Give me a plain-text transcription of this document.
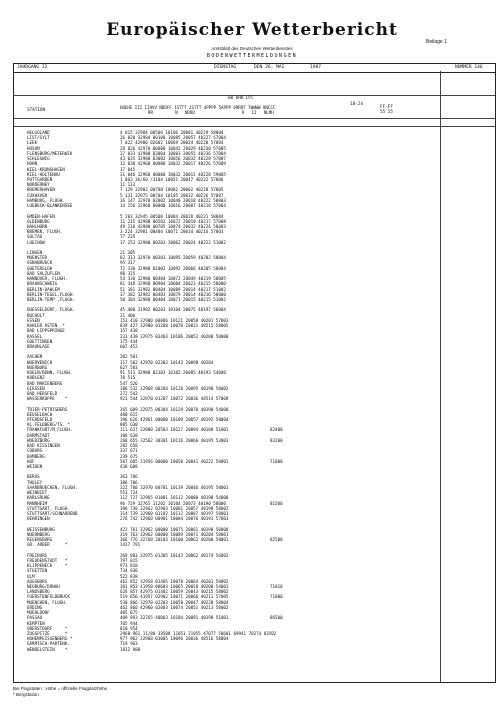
Europäischer Wetterbericht
Beilage 1
Amtsblatt des Deutschen Wetterdienstes
BODENWETTERMELDUNGEN
JAHRGANG 12	DIENSTAG	DEN 26. MAI	1987	NUMMER 146
00 UHR UTC
18-24
STATION
HOEHE III IIHVV NDDFF 1STTT 2STTT 4PPPP 5APPP 6RRRT 7WWWW 8NCCC
RR         N   NDDD                   R   12   NLMH
FF-FF
55 55
HELGOLAND	4 015 32984 00506 10106 20081 40229 58004
LIST/SYLT	26 020 32984 00108 10085 20057 40227 57004
LEEK	7 022 42980 02602 10069 20024 40228 57004
HUSUM	28 026 42970 00000 10042 20029 40230 57005
FLENSBURG/MEIERWIK	27 033 42980 03004 10083 20055 40236 57004
SCHLESWIG	43 035 32980 03002 10056 20032 40228 57007
HOHN	12 038 42960 00000 10032 20017 40226 57009
KIEL-KRONSHAGEN	17 045
KIEL-HOLTENAU	31 046 32960 00000 10032 20011 40228 59005
PUTTGARDEN	1 063 36/60 /3104 10051 20047 40222 57006
NORDERNEY	11 113
BREMERHAVEN	7 129 32982 00708 10082 20002 40220 57005
CUXHAVEN	5 131 32975 00704 10105 20032 40226 57007
HAMBURG, FLUGH.	16 147 32970 02002 10048 20018 40222 58003
LUEBECK-BLANKENSEE	14 156 32960 00000 10016 20007 40218 57004
EMDEN-HAFEN	5 203 32945 00508 10084 20028 40221 58004
OLDENBURG	11 215 42980 00502 10072 20010 40217 57008
HAHLHORN	49 218 42980 00705 10074 20032 40224 58003
BREMEN, FLUGH.	3 224 32981 00404 10071 20034 40216 57003
SOLTAU	77 235
LUECHOW	17 253 32980 00201 10062 20024 40222 51002
LINGEN	21 305
MUENSTER	62 313 32970 00303 10095 20059 40202 58004
OSNABRUECK	95 317
GUETERSLOH	72 330 32980 01002 10092 20066 40205 58004
BAD SALZUFLEN	98 325
HANNOVER, FLUGH.	54 338 32980 00404 10072 20049 40219 58005
BRAUNSCHWEIG	81 348 32980 00904 10084 20023 40215 50000
BERLIN-DAHLEM	51 381 32982 00404 10089 20014 40217 51002
BERLIN-TEGEL,FLUGH.	37 382 32982 00403 10079 20014 40216 50000
BERLIN-TEMP.,FLUGH.	50 384 32980 00404 10071 20015 40215 51002
DUESSELDORF, FLUGH.	45 400 31982 00203 10104 20075 40197 56004
BOCHOLT	21 406
ESSEN	152 410 32980 00806 10121 20058 40201 57003
KAHLER ASTEN  *	839 427 32980 01208 10070 20031 48515 58005
BAD LIPPSPRINGE	157 430
KASSEL	231 438 32975 03403 10106 20052 40200 50000
GOETTINGEN	175 444
BRAUNLAGE	607 452
AACHEN	202 501
NOERVENICH	117 502 42970 02303 10143 20098 40204
NUERBURG	627 503
KOELN/BONN, FLUGH.	91 513 32980 02103 10102 20085 40193 54000
KOBLENZ	70 515
BAD MARIENBERG	547 526
GIESSEN	186 532 32968 00204 10128 20095 40190 50002
BAD HERSFELD	272 542
WASSERKUPPE    *	921 544 32970 01207 10072 20036 48514 57008
TRIER-PETRISBERG	265 609 32975 00304 10129 20070 40190 54000
DEUSELBACH	480 615
PFERDSFELD	396 626 42961 00000 10109 20057 40192 58004
KL.FELDBERG/TS. *	805 630
FRANKFURT/M,FLUGH.	111 637 32880 20503 10127 20094 40188 51001	82400
DARMSTADT	108 638
WUERZBURG	268 655 32562 30301 10116 20066 40195 53003	83200
BAD KISSINGEN	282 658
COBURG	337 671
BAMBERG	239 675
HOF	567 685 31956 00000 10050 20041 40222 58001	71000
WEIDEN	438 688
BERUS	363 706
THOLEY	386 706
SAARBRUECKEN, FLUGH.	322 708 32970 00701 10139 20046 40195 58001
WEINBIET	553 724
KARLSRUHE	112 727 32965 01001 10112 20080 40198 54000
MANNHEIM	96 729 32765 11202 10104 20073 40190 50000	81500
STUTTGART, FLUGH.	396 738 32962 02903 10081 20057 40198 58002
STUTTGART/SCHNARRENB	314 739 32960 01102 10112 20087 40197 58001
OEHRINGEN	276 742 32960 00901 10084 20076 40191 57003
WEISSENBURG	422 761 32962 00000 10075 20061 40198 50000
NUERNBERG	319 763 32962 00000 10089 20071 40204 58001
REGENSBURG	366 776 32760 20103 10100 20063 40200 58001	82500
GR. ARBER      *	1437 791
FREIBURG	269 803 32975 01305 10143 20062 40174 56002
FREUDENSTADT   *	797 815
KLIPPENECK     *	973 818
STOETTEN	734 836
ULM	522 838
AUGSBURG	462 852 32958 01405 10078 20064 40201 58002
NEUBURG/DONAU	381 853 41950 00603 10065 20058 40208 54001	71010
LANDSBERG	628 857 42975 01402 10059 20043 40215 58002
FUERSTENFELDBRUCK	519 856 41957 02902 10071 20066 40211 57005	71000
MUENCHEN, FLUGH.	530 866 32970 02203 10058 20047 40220 58004
ERDING	462 860 42960 02003 10074 20051 40213 58002
MUEHLDORF	405 875
PASSAU	409 893 32765 40003 10104 20091 40198 51001	86500
KEMPTEN	705 944
OBERSTDORF     *	810 954
ZUGSPITZE      *	2960 961 11/80 33508 11051 21055 47077 58601 69941 70274 83502
HOHENPEISSENBERG *	977 962 32968 01005 10096 20036 48516 58004
GARMISCH-PARTENK.	719 963
WENDELSTEIN    *	1832 980
Bei Flugstaten : Höhe = offizielle Flugplatzhöhe
* Bergstation
